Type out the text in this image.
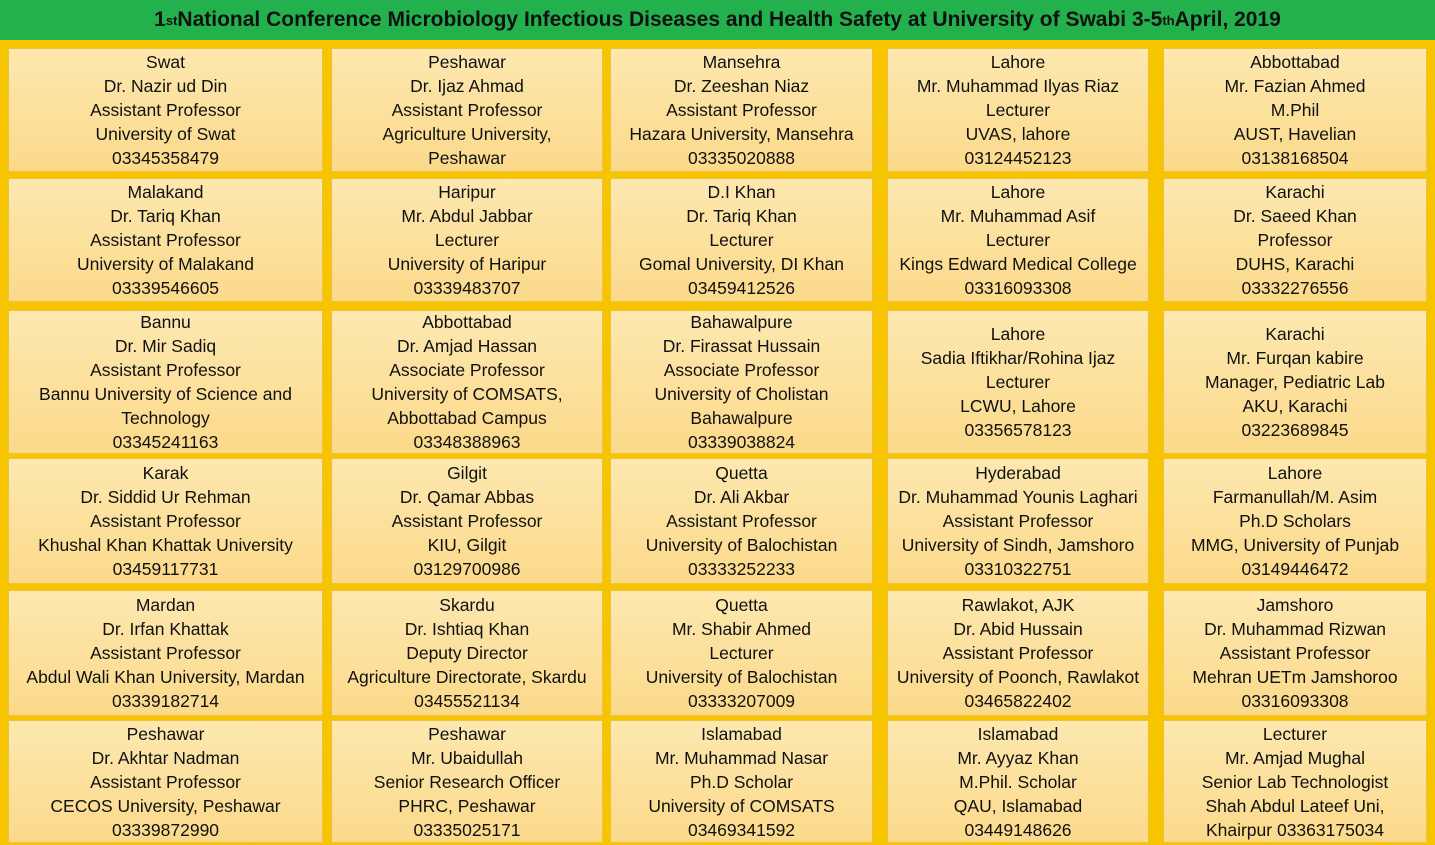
1 st National Conference Microbiology Infectious Diseases and Health Safety at University of Swabi 3-5 th April, 2019
Swat
Dr. Nazir ud Din
Assistant Professor
University of Swat
03345358479
Peshawar
Dr. Ijaz Ahmad
Assistant Professor
Agriculture University,
Peshawar
Mansehra
Dr. Zeeshan Niaz
Assistant Professor
Hazara University, Mansehra
03335020888
Lahore
Mr. Muhammad Ilyas Riaz
Lecturer
UVAS, lahore
03124452123
Abbottabad
Mr. Fazian Ahmed
M.Phil
AUST, Havelian
03138168504
Malakand
Dr. Tariq Khan
Assistant Professor
University of Malakand
03339546605
Haripur
Mr. Abdul Jabbar
Lecturer
University of Haripur
03339483707
D.I Khan
Dr. Tariq Khan
Lecturer
Gomal University, DI Khan
03459412526
Lahore
Mr. Muhammad Asif
Lecturer
Kings Edward Medical College
03316093308
Karachi
Dr. Saeed Khan
Professor
DUHS, Karachi
03332276556
Bannu
Dr. Mir Sadiq
Assistant Professor
Bannu University of Science and
Technology
03345241163
Abbottabad
Dr. Amjad Hassan
Associate Professor
University of COMSATS,
Abbottabad Campus
03348388963
Bahawalpure
Dr. Firassat Hussain
Associate Professor
University of Cholistan
Bahawalpure
03339038824
Lahore
Sadia Iftikhar/Rohina Ijaz
Lecturer
LCWU, Lahore
03356578123
Karachi
Mr. Furqan kabire
Manager, Pediatric Lab
AKU, Karachi
03223689845
Karak
Dr. Siddid Ur Rehman
Assistant Professor
Khushal Khan Khattak University
03459117731
Gilgit
Dr. Qamar Abbas
Assistant Professor
KIU, Gilgit
03129700986
Quetta
Dr. Ali Akbar
Assistant Professor
University of Balochistan
03333252233
Hyderabad
Dr. Muhammad Younis Laghari
Assistant Professor
University of Sindh, Jamshoro
03310322751
Lahore
Farmanullah/M. Asim
Ph.D Scholars
MMG, University of Punjab
03149446472
Mardan
Dr. Irfan Khattak
Assistant Professor
Abdul Wali Khan University, Mardan
03339182714
Skardu
Dr. Ishtiaq Khan
Deputy Director
Agriculture Directorate, Skardu
03455521134
Quetta
Mr. Shabir Ahmed
Lecturer
University of Balochistan
03333207009
Rawlakot, AJK
Dr. Abid Hussain
Assistant Professor
University of Poonch, Rawlakot
03465822402
Jamshoro
Dr. Muhammad Rizwan
Assistant Professor
Mehran UETm Jamshoroo
03316093308
Peshawar
Dr. Akhtar Nadman
Assistant Professor
CECOS University, Peshawar
03339872990
Peshawar
Mr. Ubaidullah
Senior Research Officer
PHRC, Peshawar
03335025171
Islamabad
Mr. Muhammad Nasar
Ph.D Scholar
University of COMSATS
03469341592
Islamabad
Mr. Ayyaz Khan
M.Phil. Scholar
QAU, Islamabad
03449148626
Lecturer
Mr. Amjad Mughal
Senior Lab Technologist
Shah Abdul Lateef Uni,
Khairpur 03363175034
